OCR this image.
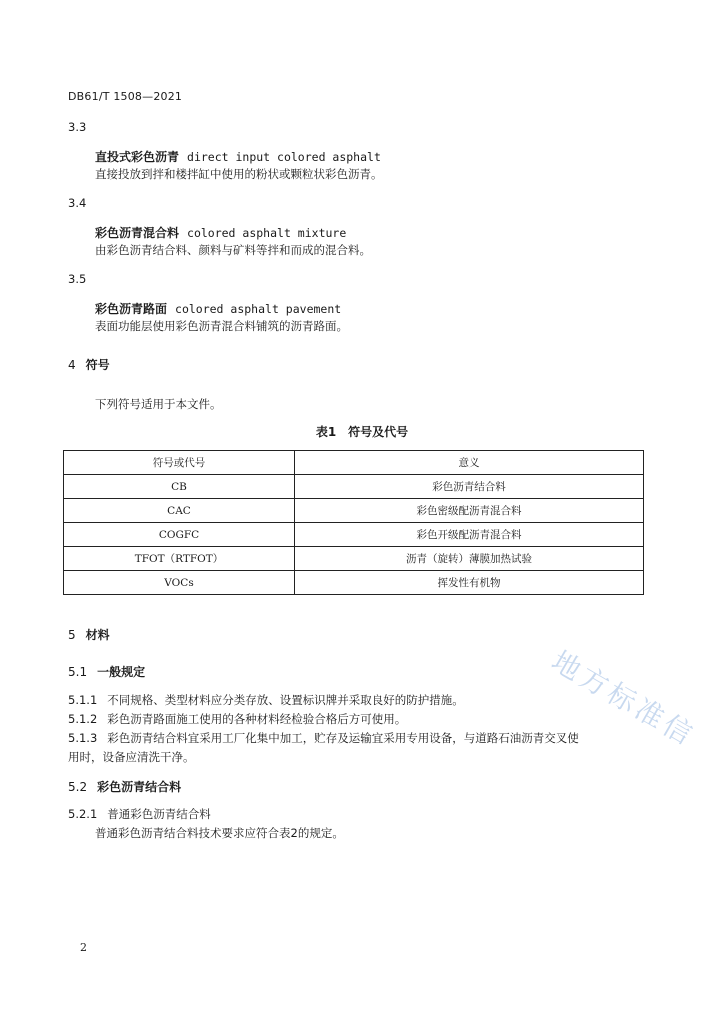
DB61/T 1508—2021
3.3
直投式彩色沥青 direct input colored asphalt
直接投放到拌和楼拌缸中使用的粉状或颗粒状彩色沥青。
3.4
彩色沥青混合料 colored asphalt mixture
由彩色沥青结合料、颜料与矿料等拌和而成的混合料。
3.5
彩色沥青路面 colored asphalt pavement
表面功能层使用彩色沥青混合料铺筑的沥青路面。
4 符号
下列符号适用于本文件。
表1　符号及代号
符号或代号	意义
CB	彩色沥青结合料
CAC	彩色密级配沥青混合料
COGFC	彩色开级配沥青混合料
TFOT（RTFOT）	沥青（旋转）薄膜加热试验
VOCs	挥发性有机物
5 材料
5.1 一般规定
5.1.1 不同规格、类型材料应分类存放、设置标识牌并采取良好的防护措施。
5.1.2 彩色沥青路面施工使用的各种材料经检验合格后方可使用。
5.1.3 彩色沥青结合料宜采用工厂化集中加工，贮存及运输宜采用专用设备，与道路石油沥青交叉使
用时，设备应清洗干净。
5.2 彩色沥青结合料
5.2.1 普通彩色沥青结合料
普通彩色沥青结合料技术要求应符合表2的规定。
2
地方标准信
